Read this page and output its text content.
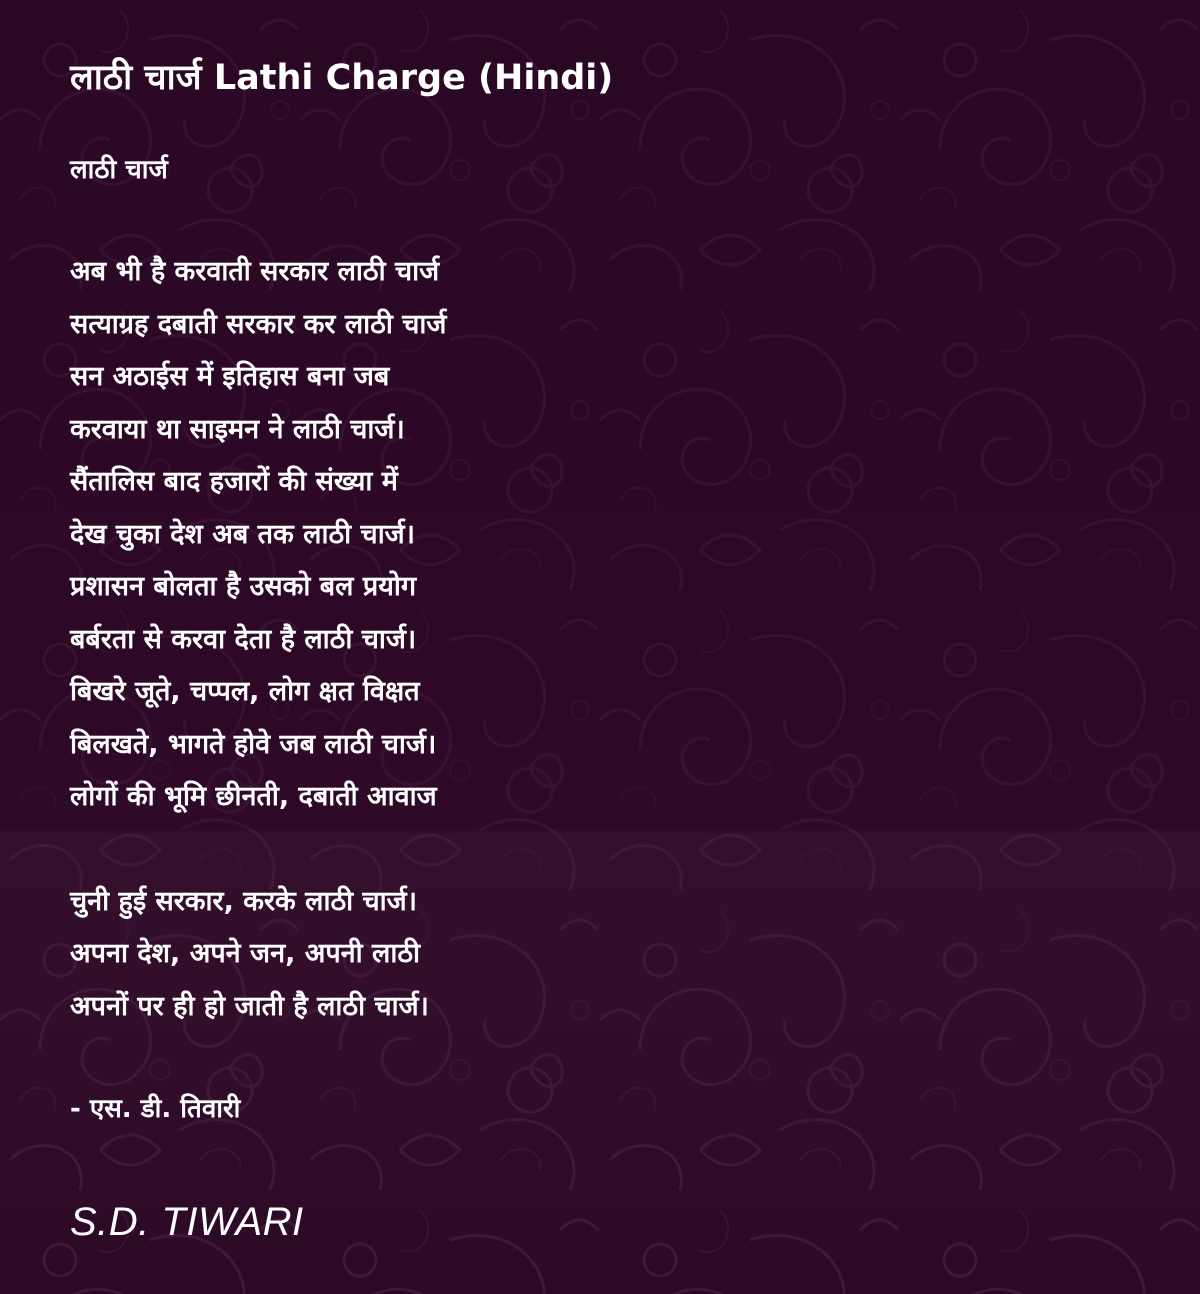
लाठी चार्ज Lathi Charge (Hindi)
लाठी चार्ज
अब भी है करवाती सरकार लाठी चार्ज
सत्याग्रह दबाती सरकार कर लाठी चार्ज
सन अठाईस में इतिहास बना जब
करवाया था साइमन ने लाठी चार्ज।
सैंतालिस बाद हजारों की संख्या में
देख चुका देश अब तक लाठी चार्ज।
प्रशासन बोलता है उसको बल प्रयोग
बर्बरता से करवा देता है लाठी चार्ज।
बिखरे जूते, चप्पल, लोग क्षत विक्षत
बिलखते, भागते होवे जब लाठी चार्ज।
लोगों की भूमि छीनती, दबाती आवाज
चुनी हुई सरकार, करके लाठी चार्ज।
अपना देश, अपने जन, अपनी लाठी
अपनों पर ही हो जाती है लाठी चार्ज।
- एस. डी. तिवारी
S.D. TIWARI
